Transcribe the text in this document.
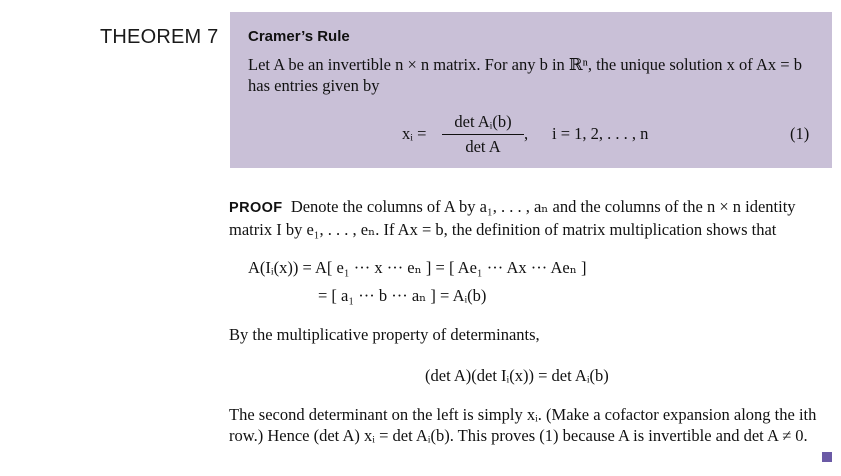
THEOREM 7 Cramer’s Rule
Let A be an invertible n × n matrix. For any b in ℝⁿ, the unique solution x of Ax = b has entries given by
xᵢ =
det Aᵢ(b)
det A
, i = 1, 2, . . . , n	(1)
PROOF Denote the columns of A by a₁, . . . , aₙ and the columns of the n × n identity matrix I by e₁, . . . , eₙ. If Ax = b, the definition of matrix multiplication shows that
A(Iᵢ(x)) = A[ e₁ ··· x ··· eₙ ] = [ Ae₁ ··· Ax ··· Aeₙ ]
= [ a₁ ··· b ··· aₙ ] = Aᵢ(b)
By the multiplicative property of determinants,
(det A)(det Iᵢ(x)) = det Aᵢ(b)
The second determinant on the left is simply xᵢ. (Make a cofactor expansion along the ith row.) Hence (det A) xᵢ = det Aᵢ(b). This proves (1) because A is invertible and det A ≠ 0.
